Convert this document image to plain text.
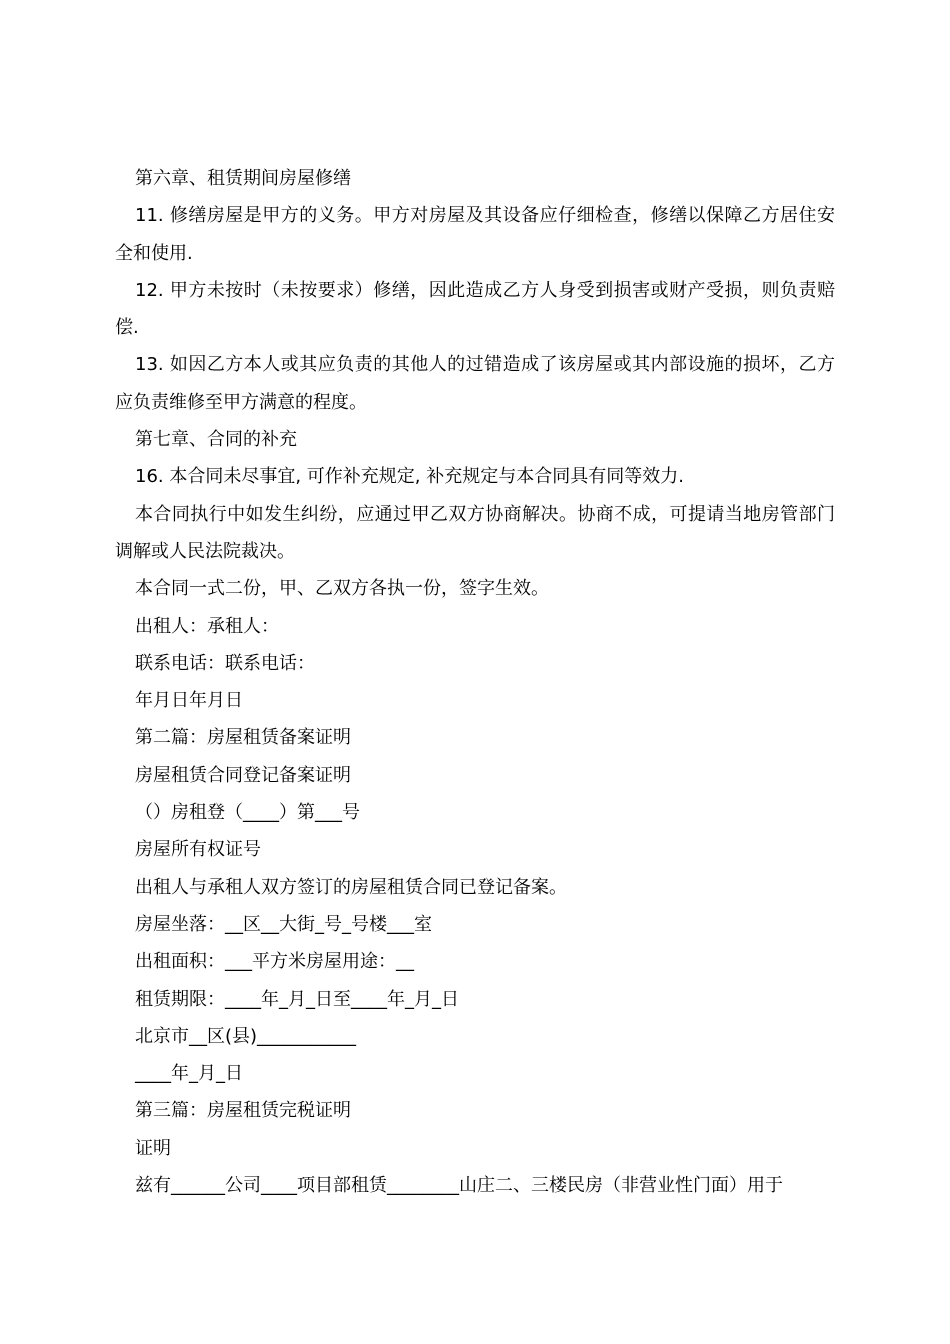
第六章、租赁期间房屋修缮

11. 修缮房屋是甲方的义务。甲方对房屋及其设备应仔细检查，修缮以保障乙方居住安全和使用.

12. 甲方未按时（未按要求）修缮，因此造成乙方人身受到损害或财产受损，则负责赔偿.

13. 如因乙方本人或其应负责的其他人的过错造成了该房屋或其内部设施的损坏，乙方应负责维修至甲方满意的程度。

第七章、合同的补充

16. 本合同未尽事宜, 可作补充规定, 补充规定与本合同具有同等效力.

本合同执行中如发生纠纷，应通过甲乙双方协商解决。协商不成，可提请当地房管部门调解或人民法院裁决。

本合同一式二份，甲、乙双方各执一份，签字生效。

出租人：承租人：

联系电话：联系电话：

年月日年月日

第二篇：房屋租赁备案证明

房屋租赁合同登记备案证明

（）房租登（____）第___号

房屋所有权证号

出租人与承租人双方签订的房屋租赁合同已登记备案。

房屋坐落：__区__大街_号_号楼___室

出租面积：___平方米房屋用途：__

租赁期限：____年_月_日至____年_月_日

北京市__区(县)___________

____年_月_日

第三篇：房屋租赁完税证明

证明

兹有______公司____项目部租赁________山庄二、三楼民房（非营业性门面）用于
